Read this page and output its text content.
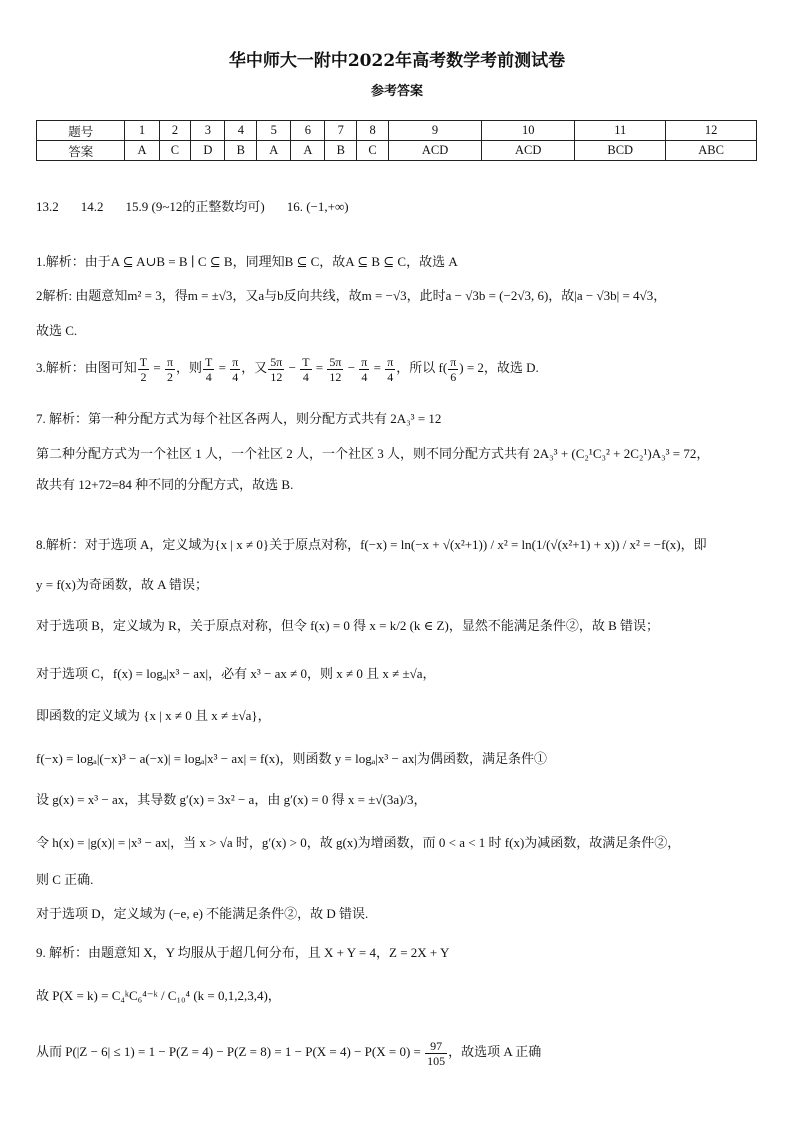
华中师大一附中2022年高考数学考前测试卷
参考答案
题号	1	2	3	4	5	6	7	8	9	10	11	12
答案	A	C	D	B	A	A	B	C	ACD	ACD	BCD	ABC
13.2 14.2 15.9 (9~12的正整数均可) 16. (−1,+∞)
1.解析：由于A ⊆ A∪B = B ∣ C ⊆ B，同理知B ⊆ C，故A ⊆ B ⊆ C，故选 A
2解析: 由题意知m² = 3，得m = ±√3，又a与b反向共线，故m = −√3，此时a − √3b = (−2√3, 6)，故|a − √3b| = 4√3，
故选 C.
3.解析：由图可知 $\frac{T}{2} = \frac{\pi}{2}$ ，则 $\frac{T}{4} = \frac{\pi}{4}$ ，又 $\frac{5\pi}{12} - \frac{T}{4} = \frac{5\pi}{12} - \frac{\pi}{4} = \frac{\pi}{4}$ ，所以 $f( \frac{\pi}{6}$ ) = 2，故选 D.
7. 解析：第一种分配方式为每个社区各两人，则分配方式共有 2A₃³ = 12
第二种分配方式为一个社区 1 人，一个社区 2 人，一个社区 3 人，则不同分配方式共有 2A₃³ + (C₂¹C₃² + 2C₂¹)A₃³ = 72，
故共有 12+72=84 种不同的分配方式，故选 B.
8.解析：对于选项 A，定义域为{x | x ≠ 0}关于原点对称，f(−x) = ln(−x + √(x²+1)) / x² = ln(1/(√(x²+1) + x)) / x² = −f(x)，即
y = f(x)为奇函数，故 A 错误；
对于选项 B，定义域为 R，关于原点对称，但令 f(x) = 0 得 x = k/2 (k ∈ Z)，显然不能满足条件②，故 B 错误；
对于选项 C，f(x) = logₐ|x³ − ax|，必有 x³ − ax ≠ 0，则 x ≠ 0 且 x ≠ ±√a，
即函数的定义域为 {x | x ≠ 0 且 x ≠ ±√a}，
f(−x) = logₐ|(−x)³ − a(−x)| = logₐ|x³ − ax| = f(x)，则函数 y = logₐ|x³ − ax|为偶函数，满足条件①
设 g(x) = x³ − ax，其导数 g′(x) = 3x² − a，由 g′(x) = 0 得 x = ±√(3a)/3，
令 h(x) = |g(x)| = |x³ − ax|，当 x > √a 时，g′(x) > 0，故 g(x)为增函数，而 0 < a < 1 时 f(x)为减函数，故满足条件②，
则 C 正确.
对于选项 D，定义域为 (−e, e) 不能满足条件②，故 D 错误.
9. 解析：由题意知 X，Y 均服从于超几何分布，且 X + Y = 4，Z = 2X + Y
故 P(X = k) = C₄ᵏC₆⁴⁻ᵏ / C₁₀⁴ (k = 0,1,2,3,4)，
从而 $P(|Z - 6| \le 1) = 1 - P(Z = 4) - P(Z = 8) = 1 - P(X = 4) - P(X = 0) = \frac{97}{105}$ ，故选项 A 正确
